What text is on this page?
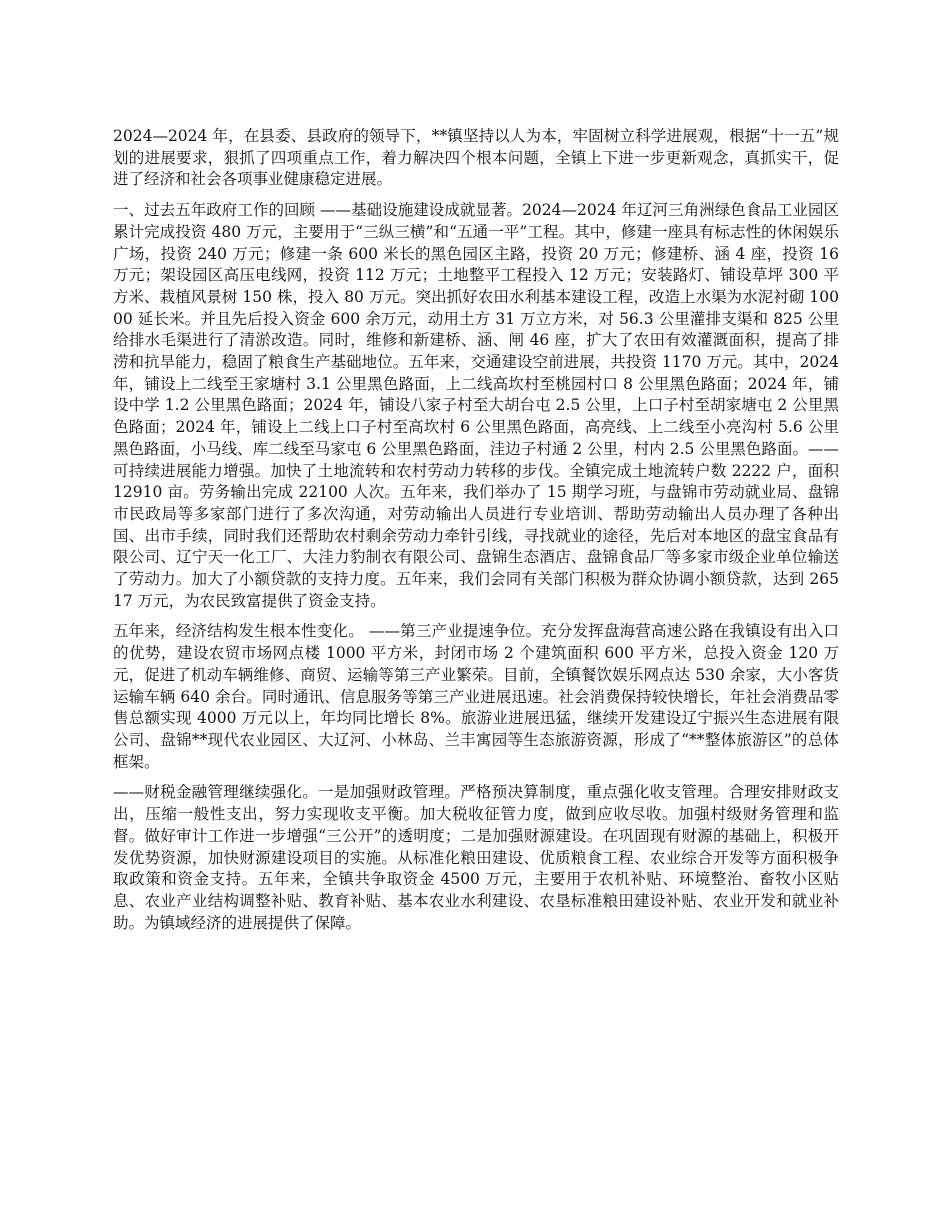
2024—2024 年，在县委、县政府的领导下，**镇坚持以人为本，牢固树立科学进展观，根据“十一五”规划的进展要求，狠抓了四项重点工作，着力解决四个根本问题，全镇上下进一步更新观念，真抓实干，促进了经济和社会各项事业健康稳定进展。

一、过去五年政府工作的回顾 ——基础设施建设成就显著。2024—2024 年辽河三角洲绿色食品工业园区累计完成投资 480 万元，主要用于“三纵三横”和“五通一平”工程。其中，修建一座具有标志性的休闲娱乐广场，投资 240 万元；修建一条 600 米长的黑色园区主路，投资 20 万元；修建桥、涵 4 座，投资 16 万元；架设园区高压电线网，投资 112 万元；土地整平工程投入 12 万元；安装路灯、铺设草坪 300 平方米、栽植风景树 150 株，投入 80 万元。突出抓好农田水利基本建设工程，改造上水渠为水泥衬砌 10000 延长米。并且先后投入资金 600 余万元，动用土方 31 万立方米，对 56.3 公里灌排支渠和 825 公里给排水毛渠进行了清淤改造。同时，维修和新建桥、涵、闸 46 座，扩大了农田有效灌溉面积，提高了排涝和抗旱能力，稳固了粮食生产基础地位。五年来，交通建设空前进展，共投资 1170 万元。其中，2024 年，铺设上二线至王家塘村 3.1 公里黑色路面，上二线高坎村至桃园村口 8 公里黑色路面；2024 年，铺设中学 1.2 公里黑色路面；2024 年，铺设八家子村至大胡台屯 2.5 公里，上口子村至胡家塘屯 2 公里黑色路面；2024 年，铺设上二线上口子村至高坎村 6 公里黑色路面，高亮线、上二线至小亮沟村 5.6 公里黑色路面，小马线、库二线至马家屯 6 公里黑色路面，洼边子村通 2 公里，村内 2.5 公里黑色路面。——可持续进展能力增强。加快了土地流转和农村劳动力转移的步伐。全镇完成土地流转户数 2222 户，面积 12910 亩。劳务输出完成 22100 人次。五年来，我们举办了 15 期学习班，与盘锦市劳动就业局、盘锦市民政局等多家部门进行了多次沟通，对劳动输出人员进行专业培训、帮助劳动输出人员办理了各种出国、出市手续，同时我们还帮助农村剩余劳动力牵针引线，寻找就业的途径，先后对本地区的盘宝食品有限公司、辽宁天一化工厂、大洼力豹制衣有限公司、盘锦生态酒店、盘锦食品厂等多家市级企业单位输送了劳动力。加大了小额贷款的支持力度。五年来，我们会同有关部门积极为群众协调小额贷款，达到 26517 万元，为农民致富提供了资金支持。

五年来，经济结构发生根本性变化。 ——第三产业提速争位。充分发挥盘海营高速公路在我镇设有出入口的优势，建设农贸市场网点楼 1000 平方米，封闭市场 2 个建筑面积 600 平方米，总投入资金 120 万元，促进了机动车辆维修、商贸、运输等第三产业繁荣。目前，全镇餐饮娱乐网点达 530 余家，大小客货运输车辆 640 余台。同时通讯、信息服务等第三产业进展迅速。社会消费保持较快增长，年社会消费品零售总额实现 4000 万元以上，年均同比增长 8%。旅游业进展迅猛，继续开发建设辽宁振兴生态进展有限公司、盘锦**现代农业园区、大辽河、小林岛、兰丰寓园等生态旅游资源，形成了“**整体旅游区”的总体框架。

——财税金融管理继续强化。一是加强财政管理。严格预决算制度，重点强化收支管理。合理安排财政支出，压缩一般性支出，努力实现收支平衡。加大税收征管力度，做到应收尽收。加强村级财务管理和监督。做好审计工作进一步增强“三公开”的透明度；二是加强财源建设。在巩固现有财源的基础上，积极开发优势资源，加快财源建设项目的实施。从标准化粮田建设、优质粮食工程、农业综合开发等方面积极争取政策和资金支持。五年来，全镇共争取资金 4500 万元，主要用于农机补贴、环境整治、畜牧小区贴息、农业产业结构调整补贴、教育补贴、基本农业水利建设、农垦标准粮田建设补贴、农业开发和就业补助。为镇域经济的进展提供了保障。
